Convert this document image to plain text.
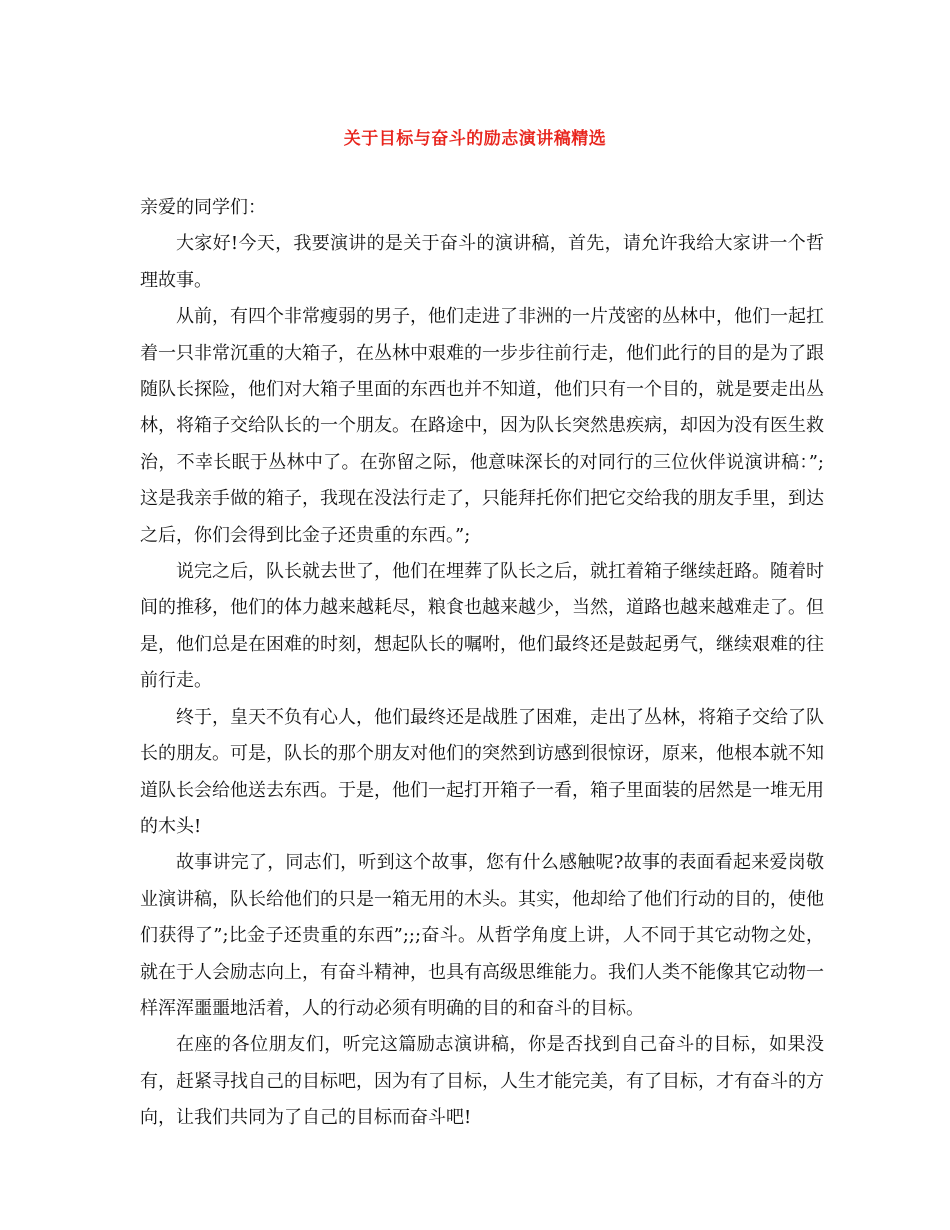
关于目标与奋斗的励志演讲稿精选

亲爱的同学们：

大家好!今天，我要演讲的是关于奋斗的演讲稿，首先，请允许我给大家讲一个哲理故事。

从前，有四个非常瘦弱的男子，他们走进了非洲的一片茂密的丛林中，他们一起扛着一只非常沉重的大箱子，在丛林中艰难的一步步往前行走，他们此行的目的是为了跟随队长探险，他们对大箱子里面的东西也并不知道，他们只有一个目的，就是要走出丛林，将箱子交给队长的一个朋友。在路途中，因为队长突然患疾病，却因为没有医生救治，不幸长眠于丛林中了。在弥留之际，他意味深长的对同行的三位伙伴说演讲稿：”;这是我亲手做的箱子，我现在没法行走了，只能拜托你们把它交给我的朋友手里，到达之后，你们会得到比金子还贵重的东西。”;

说完之后，队长就去世了，他们在埋葬了队长之后，就扛着箱子继续赶路。随着时间的推移，他们的体力越来越耗尽，粮食也越来越少，当然，道路也越来越难走了。但是，他们总是在困难的时刻，想起队长的嘱咐，他们最终还是鼓起勇气，继续艰难的往前行走。

终于，皇天不负有心人，他们最终还是战胜了困难，走出了丛林，将箱子交给了队长的朋友。可是，队长的那个朋友对他们的突然到访感到很惊讶，原来，他根本就不知道队长会给他送去东西。于是，他们一起打开箱子一看，箱子里面装的居然是一堆无用的木头!

故事讲完了，同志们，听到这个故事，您有什么感触呢?故事的表面看起来爱岗敬业演讲稿，队长给他们的只是一箱无用的木头。其实，他却给了他们行动的目的，使他们获得了”;比金子还贵重的东西”;;;奋斗。从哲学角度上讲，人不同于其它动物之处，就在于人会励志向上，有奋斗精神，也具有高级思维能力。我们人类不能像其它动物一样浑浑噩噩地活着，人的行动必须有明确的目的和奋斗的目标。

在座的各位朋友们，听完这篇励志演讲稿，你是否找到自己奋斗的目标，如果没有，赶紧寻找自己的目标吧，因为有了目标，人生才能完美，有了目标，才有奋斗的方向，让我们共同为了自己的目标而奋斗吧!
